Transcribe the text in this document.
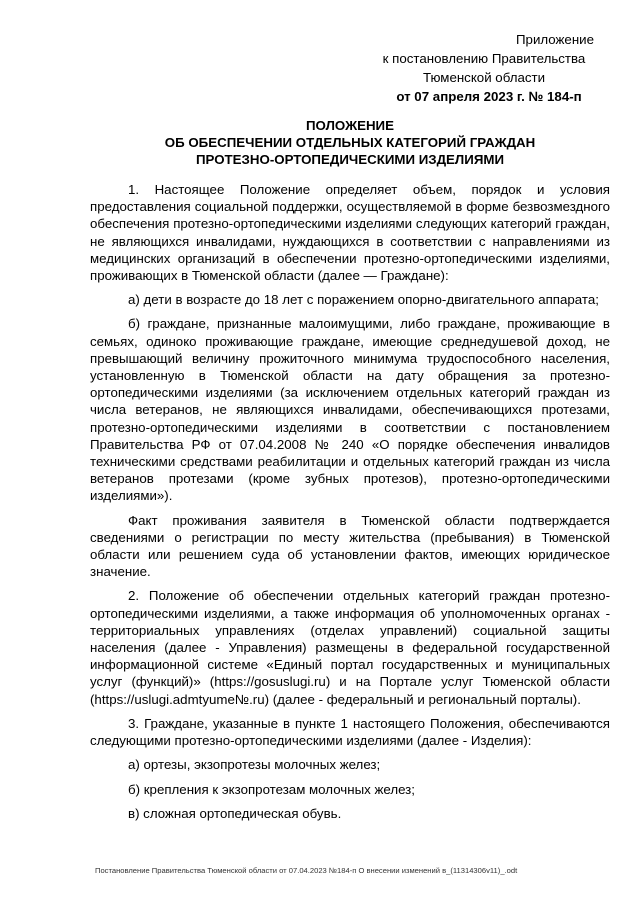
Приложение
к постановлению Правительства
Тюменской области
от 07 апреля 2023 г. № 184-п
ПОЛОЖЕНИЕ
ОБ ОБЕСПЕЧЕНИИ ОТДЕЛЬНЫХ КАТЕГОРИЙ ГРАЖДАН
ПРОТЕЗНО-ОРТОПЕДИЧЕСКИМИ ИЗДЕЛИЯМИ

1. Настоящее Положение определяет объем, порядок и условия предоставления социальной поддержки, осуществляемой в форме безвозмездного обеспечения протезно-ортопедическими изделиями следующих категорий граждан, не являющихся инвалидами, нуждающихся в соответствии с направлениями из медицинских организаций в обеспечении протезно-ортопедическими изделиями, проживающих в Тюменской области (далее — Граждане):

а) дети в возрасте до 18 лет с поражением опорно-двигательного аппарата;

б) граждане, признанные малоимущими, либо граждане, проживающие в семьях, одиноко проживающие граждане, имеющие среднедушевой доход, не превышающий величину прожиточного минимума трудоспособного населения, установленную в Тюменской области на дату обращения за протезно-ортопедическими изделиями (за исключением отдельных категорий граждан из числа ветеранов, не являющихся инвалидами, обеспечивающихся протезами, протезно-ортопедическими изделиями в соответствии с постановлением Правительства РФ от 07.04.2008 № 240 «О порядке обеспечения инвалидов техническими средствами реабилитации и отдельных категорий граждан из числа ветеранов протезами (кроме зубных протезов), протезно-ортопедическими изделиями»).

Факт проживания заявителя в Тюменской области подтверждается сведениями о регистрации по месту жительства (пребывания) в Тюменской области или решением суда об установлении фактов, имеющих юридическое значение.

2. Положение об обеспечении отдельных категорий граждан протезно-ортопедическими изделиями, а также информация об уполномоченных органах - территориальных управлениях (отделах управлений) социальной защиты населения (далее - Управления) размещены в федеральной государственной информационной системе «Единый портал государственных и муниципальных услуг (функций)» (https://gosuslugi.ru) и на Портале услуг Тюменской области (https://uslugi.admtyume№.ru) (далее - федеральный и региональный порталы).

3. Граждане, указанные в пункте 1 настоящего Положения, обеспечиваются следующими протезно-ортопедическими изделиями (далее - Изделия):

а) ортезы, экзопротезы молочных желез;

б) крепления к экзопротезам молочных желез;

в) сложная ортопедическая обувь.

Постановление Правительства Тюменской области от 07.04.2023 №184-п О внесении изменений в_(11314306v11)_.odt
